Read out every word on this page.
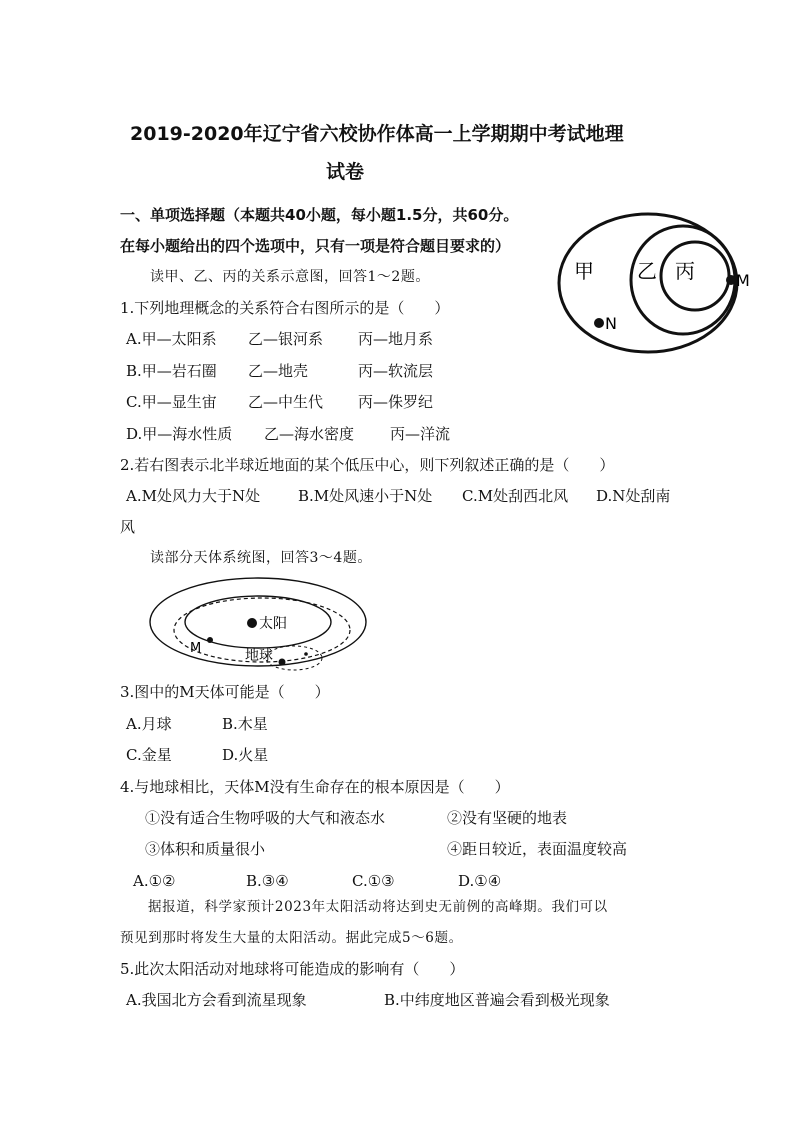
2019-2020年辽宁省六校协作体高一上学期期中考试地理
试卷
一、单项选择题（本题共40小题，每小题1.5分，共60分。
在每小题给出的四个选项中，只有一项是符合题目要求的）
甲 乙 丙	M
N
读甲、乙、丙的关系示意图，回答1～2题。
1.下列地理概念的关系符合右图所示的是（　　）
A.甲—太阳系 乙—银河系 丙—地月系
B.甲—岩石圈 乙—地壳	丙—软流层
C.甲—显生宙 乙—中生代 丙—侏罗纪
D.甲—海水性质 乙—海水密度 丙—洋流
2.若右图表示北半球近地面的某个低压中心，则下列叙述正确的是（　　）
A.M处风力大于N处	B.M处风速小于N处 C.M处刮西北风 D.N处刮南
风
读部分天体系统图，回答3～4题。
太阳
M	地球
3.图中的M天体可能是（　　）
A.月球	B.木星
C.金星	D.火星
4.与地球相比，天体M没有生命存在的根本原因是（　　）
①没有适合生物呼吸的大气和液态水	②没有坚硬的地表
③体积和质量很小	④距日较近，表面温度较高
A.①②	B.③④	C.①③	D.①④
据报道，科学家预计2023年太阳活动将达到史无前例的高峰期。我们可以
预见到那时将发生大量的太阳活动。据此完成5～6题。
5.此次太阳活动对地球将可能造成的影响有（　　）
A.我国北方会看到流星现象	B.中纬度地区普遍会看到极光现象
